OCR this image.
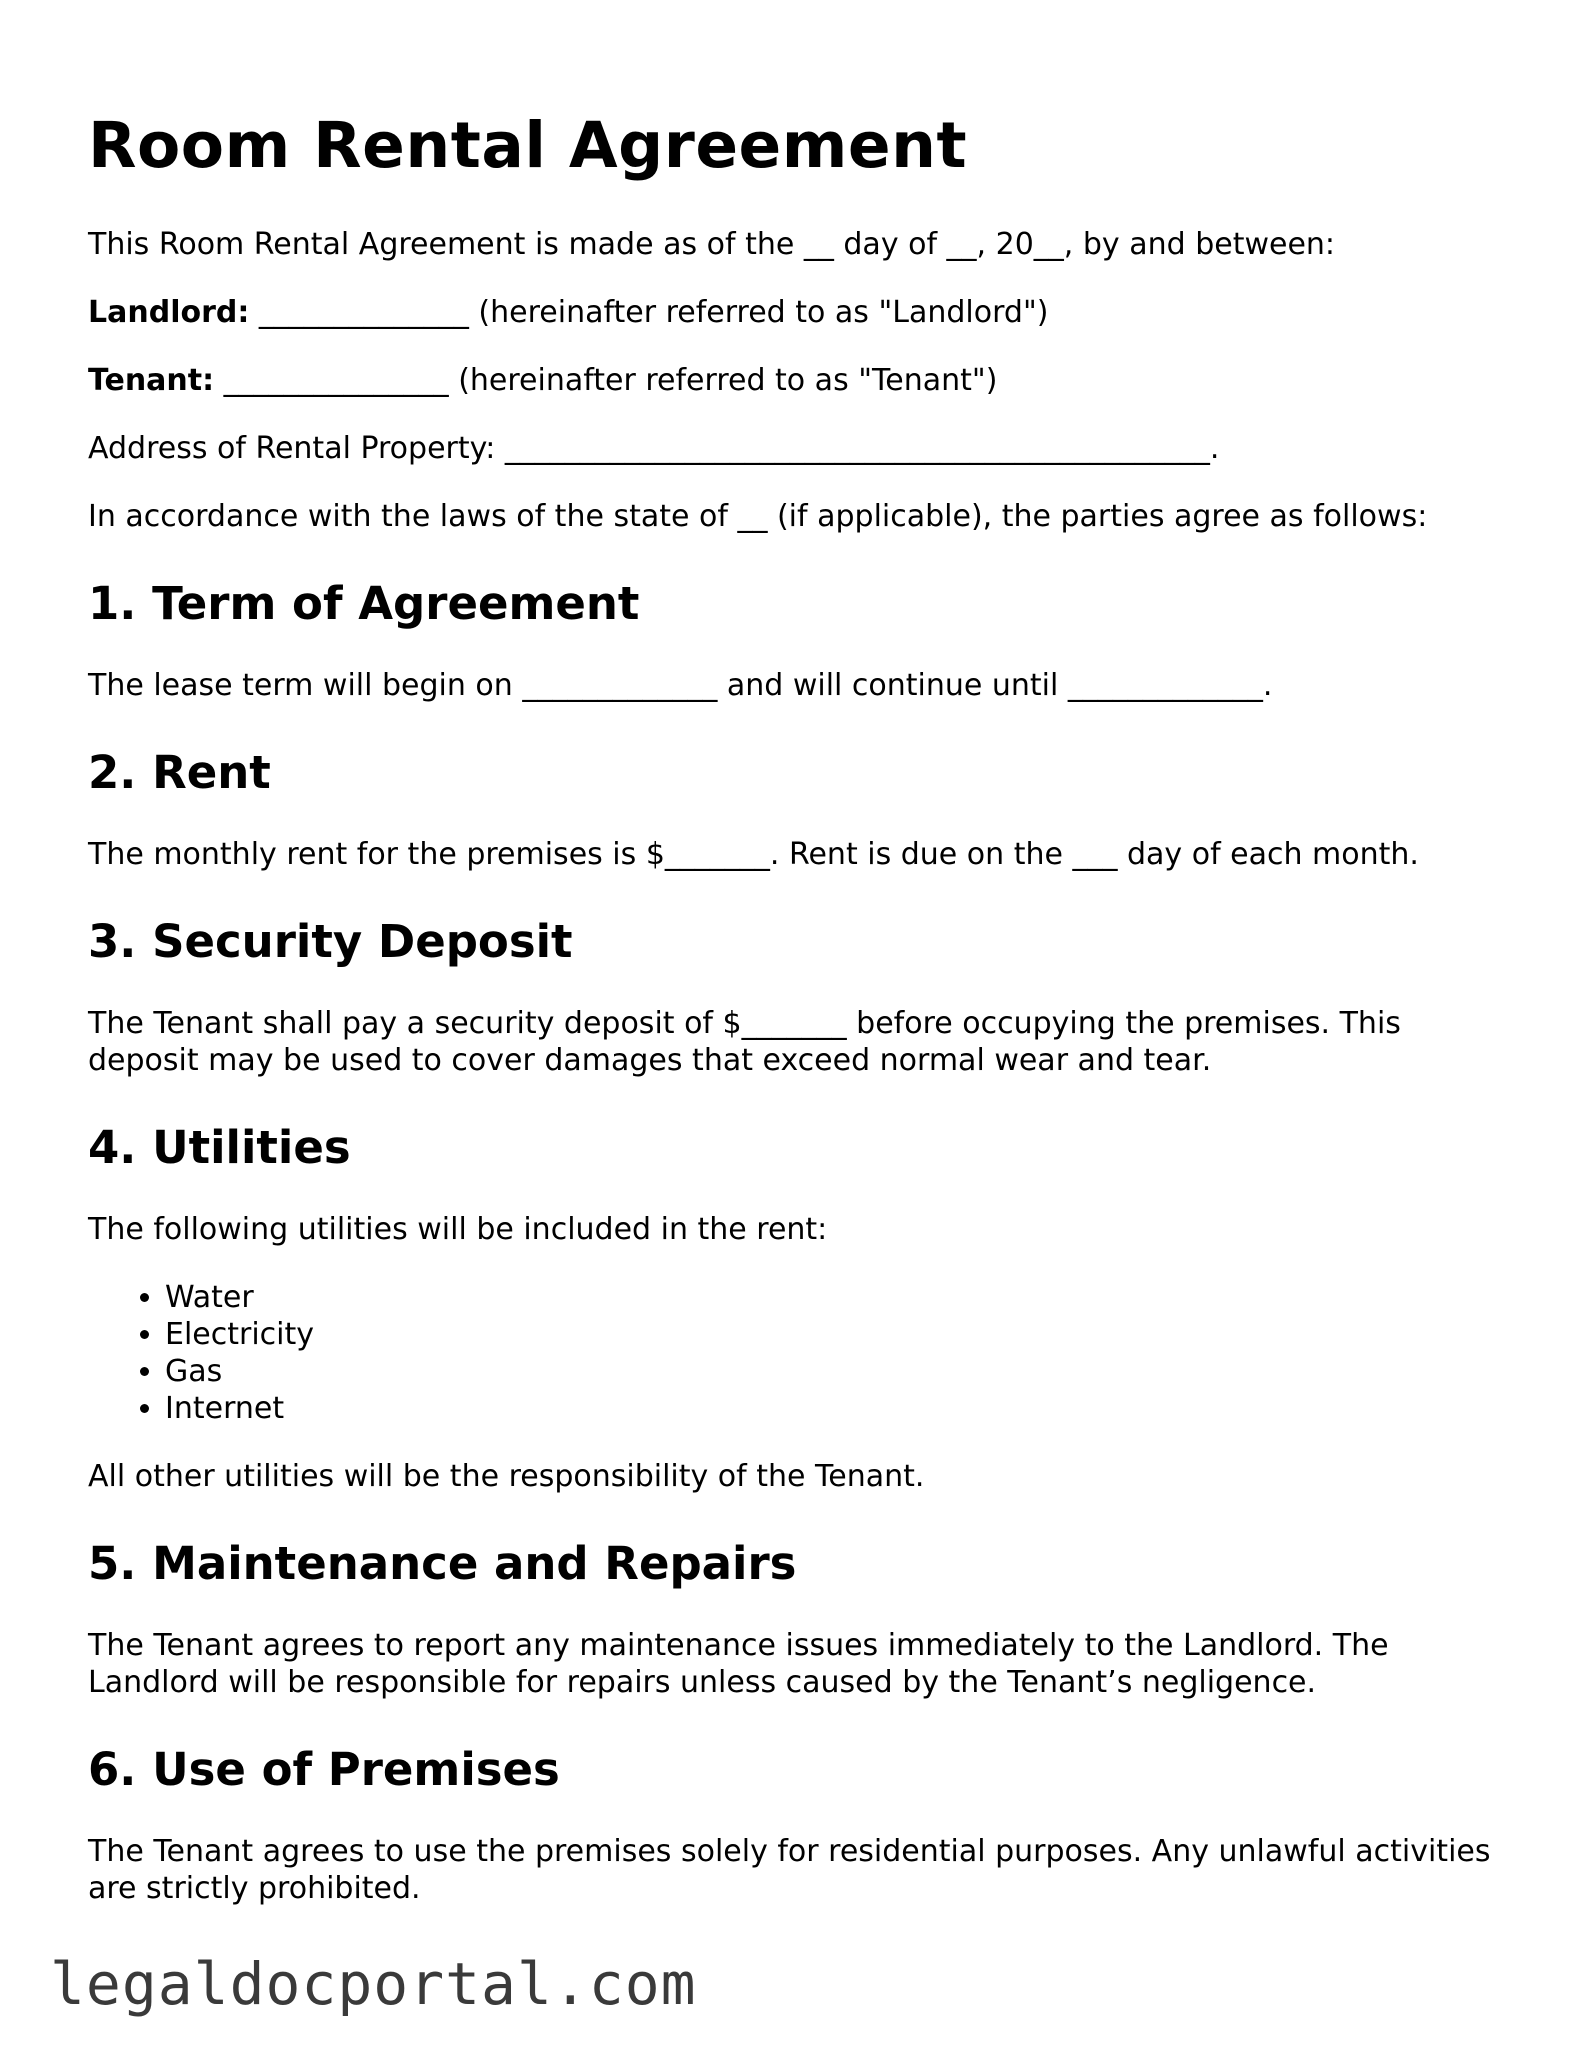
Room Rental Agreement

This Room Rental Agreement is made as of the __ day of __, 20__, by and between:

Landlord: ______________ (hereinafter referred to as "Landlord")

Tenant: _______________ (hereinafter referred to as "Tenant")

Address of Rental Property: _______________________________________________.

In accordance with the laws of the state of __ (if applicable), the parties agree as follows:

1. Term of Agreement

The lease term will begin on _____________ and will continue until _____________.

2. Rent

The monthly rent for the premises is $_______. Rent is due on the ___ day of each month.

3. Security Deposit

The Tenant shall pay a security deposit of $_______ before occupying the premises. This deposit may be used to cover damages that exceed normal wear and tear.

4. Utilities

The following utilities will be included in the rent:

• Water
• Electricity
• Gas
• Internet

All other utilities will be the responsibility of the Tenant.

5. Maintenance and Repairs

The Tenant agrees to report any maintenance issues immediately to the Landlord. The Landlord will be responsible for repairs unless caused by the Tenant’s negligence.

6. Use of Premises

The Tenant agrees to use the premises solely for residential purposes. Any unlawful activities are strictly prohibited.

legaldocportal.com
